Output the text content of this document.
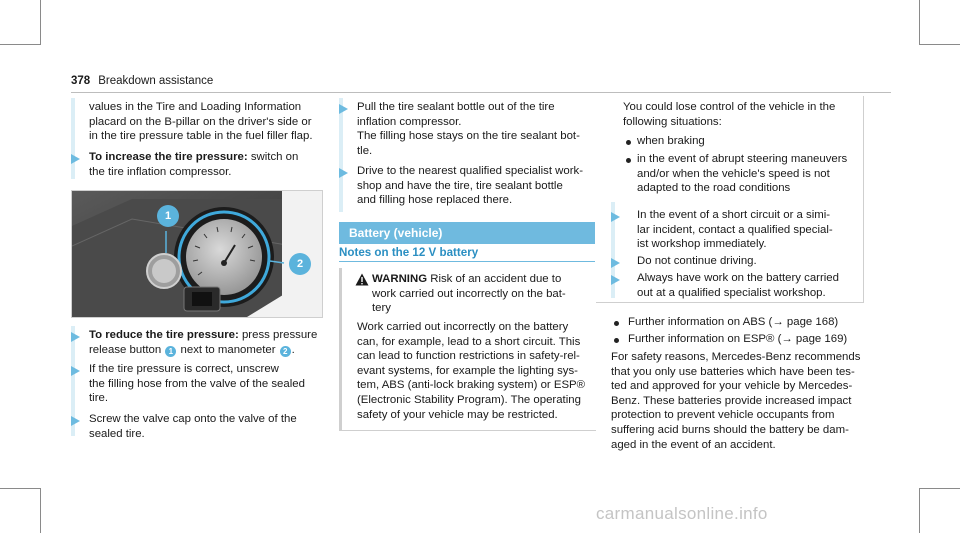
378 Breakdown assistance
values in the Tire and Loading Information
placard on the B-pillar on the driver's side or
in the tire pressure table in the fuel filler flap.
To increase the tire pressure: switch on
the tire inflation compressor.
1
2
To reduce the tire pressure: press pressure
release button 1 next to manometer 2 .
If the tire pressure is correct, unscrew
the filling hose from the valve of the sealed
tire.
Screw the valve cap onto the valve of the
sealed tire.
Pull the tire sealant bottle out of the tire
inflation compressor.
The filling hose stays on the tire sealant bot-
tle.
Drive to the nearest qualified specialist work-
shop and have the tire, tire sealant bottle
and filling hose replaced there.
Battery (vehicle)
Notes on the 12 V battery
WARNING Risk of an accident due to
work carried out incorrectly on the bat-
tery
Work carried out incorrectly on the battery
can, for example, lead to a short circuit. This
can lead to function restrictions in safety-rel-
evant systems, for example the lighting sys-
tem, ABS (anti-lock braking system) or ESP®
(Electronic Stability Program). The operating
safety of your vehicle may be restricted.
You could lose control of the vehicle in the
following situations:
when braking
in the event of abrupt steering maneuvers
and/or when the vehicle's speed is not
adapted to the road conditions
In the event of a short circuit or a simi-
lar incident, contact a qualified special-
ist workshop immediately.
Do not continue driving.
Always have work on the battery carried
out at a qualified specialist workshop.
Further information on ABS (→ page 168)
Further information on ESP® (→ page 169)
For safety reasons, Mercedes-Benz recommends
that you only use batteries which have been tes-
ted and approved for your vehicle by Mercedes-
Benz. These batteries provide increased impact
protection to prevent vehicle occupants from
suffering acid burns should the battery be dam-
aged in the event of an accident.
carmanualsonline.info
